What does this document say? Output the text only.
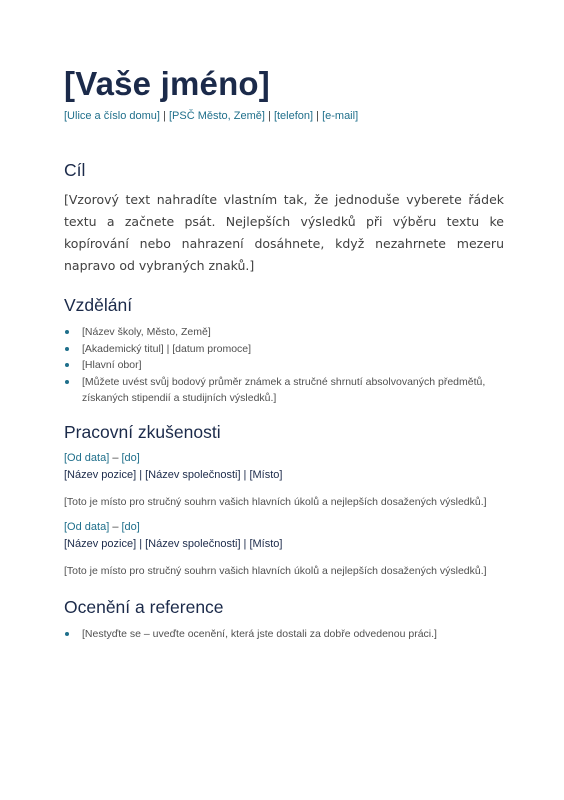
[Vaše jméno]
[Ulice a číslo domu] | [PSČ Město, Země] | [telefon] | [e-mail]
Cíl
[Vzorový text nahradíte vlastním tak, že jednoduše vyberete řádek textu a začnete psát. Nejlepších výsledků při výběru textu ke kopírování nebo nahrazení dosáhnete, když nezahrnete mezeru napravo od vybraných znaků.]
Vzdělání
[Název školy, Město, Země]
[Akademický titul] | [datum promoce]
[Hlavní obor]
[Můžete uvést svůj bodový průměr známek a stručné shrnutí absolvovaných předmětů, získaných stipendií a studijních výsledků.]
Pracovní zkušenosti
[Od data] – [do]
[Název pozice] | [Název společnosti] | [Místo]
[Toto je místo pro stručný souhrn vašich hlavních úkolů a nejlepších dosažených výsledků.]
[Od data] – [do]
[Název pozice] | [Název společnosti] | [Místo]
[Toto je místo pro stručný souhrn vašich hlavních úkolů a nejlepších dosažených výsledků.]
Ocenění a reference
[Nestyďte se – uveďte ocenění, která jste dostali za dobře odvedenou práci.]
